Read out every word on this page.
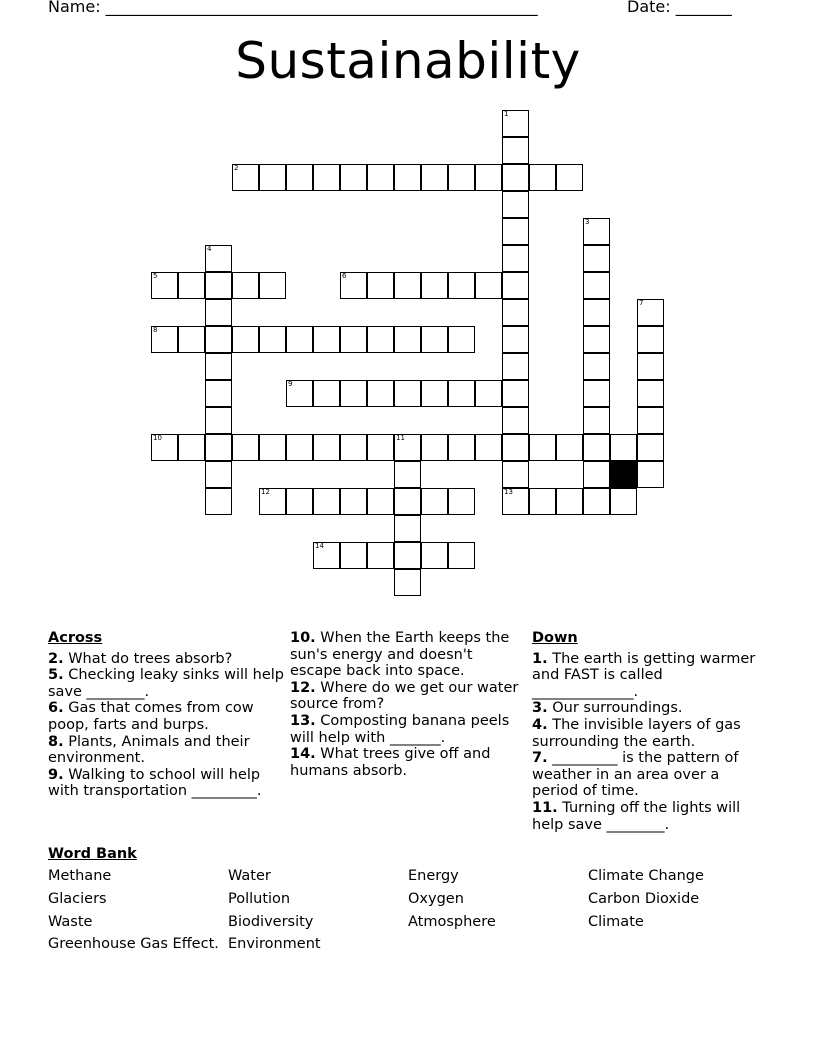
Name: ______________________________________________________	Date: _______
Sustainability
1
13
2
3
4
5	6
7
8
9
10	11
12
14
Across
2. What do trees absorb?
5. Checking leaky sinks will help save ________.
6. Gas that comes from cow poop, farts and burps.
8. Plants, Animals and their environment.
9. Walking to school will help with transportation _________.
10. When the Earth keeps the sun's energy and doesn't escape back into space.
12. Where do we get our water source from?
13. Composting banana peels will help with _______.
14. What trees give off and humans absorb.
Down
1. The earth is getting warmer and FAST is called ______________.
3. Our surroundings.
4. The invisible layers of gas surrounding the earth.
7. _________ is the pattern of weather in an area over a period of time.
11. Turning off the lights will help save ________.
Word Bank
Methane	Water	Energy	Climate Change
Glaciers	Pollution	Oxygen	Carbon Dioxide
Waste	Biodiversity	Atmosphere	Climate
Greenhouse Gas Effect. Environment
